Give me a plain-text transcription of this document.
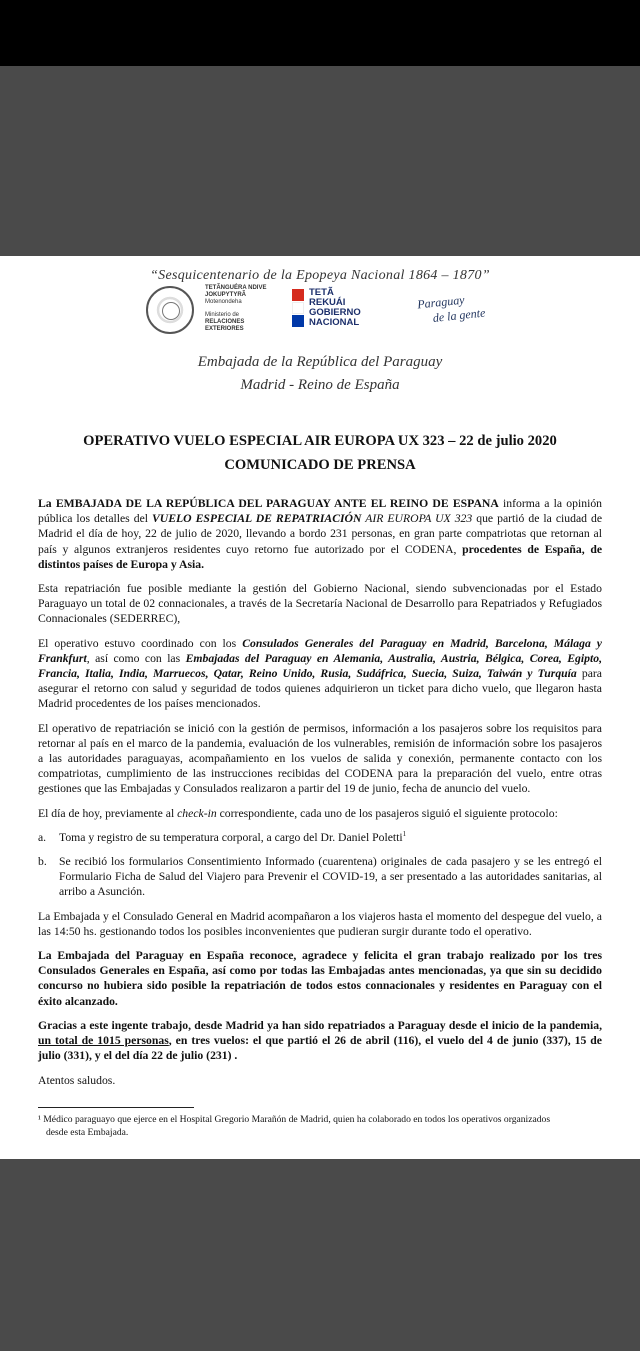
“Sesquicentenario de la Epopeya Nacional 1864 – 1870”
TETÃNGUÉRA NDIVE
JOKUPYTYRÃ
Motenondeha
Ministerio de
RELACIONES
EXTERIORES
TETÃ
REKUÁI
GOBIERNO
NACIONAL
Paraguay
de la gente
Embajada de la República del Paraguay
Madrid - Reino de España
OPERATIVO VUELO ESPECIAL AIR EUROPA UX 323 – 22 de julio 2020
COMUNICADO DE PRENSA

La EMBAJADA DE LA REPÚBLICA DEL PARAGUAY ANTE EL REINO DE ESPANA informa a la opinión pública los detalles del VUELO ESPECIAL DE REPATRIACIÓN AIR EUROPA UX 323 que partió de la ciudad de Madrid el día de hoy, 22 de julio de 2020, llevando a bordo 231 personas, en gran parte compatriotas que retornan al país y algunos extranjeros residentes cuyo retorno fue autorizado por el CODENA, procedentes de España, de distintos países de Europa y Asia.

Esta repatriación fue posible mediante la gestión del Gobierno Nacional, siendo subvencionadas por el Estado Paraguayo un total de 02 connacionales, a través de la Secretaría Nacional de Desarrollo para Repatriados y Refugiados Connacionales (SEDERREC),

El operativo estuvo coordinado con los Consulados Generales del Paraguay en Madrid, Barcelona, Málaga y Frankfurt, así como con las Embajadas del Paraguay en Alemania, Australia, Austria, Bélgica, Corea, Egipto, Francia, Italia, India, Marruecos, Qatar, Reino Unido, Rusia, Sudáfrica, Suecia, Suiza, Taiwán y Turquía para asegurar el retorno con salud y seguridad de todos quienes adquirieron un ticket para dicho vuelo, que llegaron hasta Madrid procedentes de los países mencionados.

El operativo de repatriación se inició con la gestión de permisos, información a los pasajeros sobre los requisitos para retornar al país en el marco de la pandemia, evaluación de los vulnerables, remisión de información sobre los pasajeros a las autoridades paraguayas, acompañamiento en los vuelos de salida y conexión, permanente contacto con los compatriotas, cumplimiento de las instrucciones recibidas del CODENA para la preparación del vuelo, entre otras gestiones que las Embajadas y Consulados realizaron a partir del 19 de junio, fecha de anuncio del vuelo.

El día de hoy, previamente al check-in correspondiente, cada uno de los pasajeros siguió el siguiente protocolo:

a.	Toma y registro de su temperatura corporal, a cargo del Dr. Daniel Poletti$^1$
b.	Se recibió los formularios Consentimiento Informado (cuarentena) originales de cada pasajero y se les entregó el Formulario Ficha de Salud del Viajero para Prevenir el COVID-19, a ser presentado a las autoridades sanitarias, al arribo a Asunción.

La Embajada y el Consulado General en Madrid acompañaron a los viajeros hasta el momento del despegue del vuelo, a las 14:50 hs. gestionando todos los posibles inconvenientes que pudieran surgir durante todo el operativo.

La Embajada del Paraguay en España reconoce, agradece y felicita el gran trabajo realizado por los tres Consulados Generales en España, así como por todas las Embajadas antes mencionadas, ya que sin su decidido concurso no hubiera sido posible la repatriación de todos estos connacionales y residentes en Paraguay con el éxito alcanzado.

Gracias a este ingente trabajo, desde Madrid ya han sido repatriados a Paraguay desde el inicio de la pandemia, un total de 1015 personas, en tres vuelos: el que partió el 26 de abril (116), el vuelo del 4 de junio (337), 15 de julio (331), y el del día 22 de julio (231) .

Atentos saludos.

¹ Médico paraguayo que ejerce en el Hospital Gregorio Marañón de Madrid, quien ha colaborado en todos los operativos organizados
desde esta Embajada.
